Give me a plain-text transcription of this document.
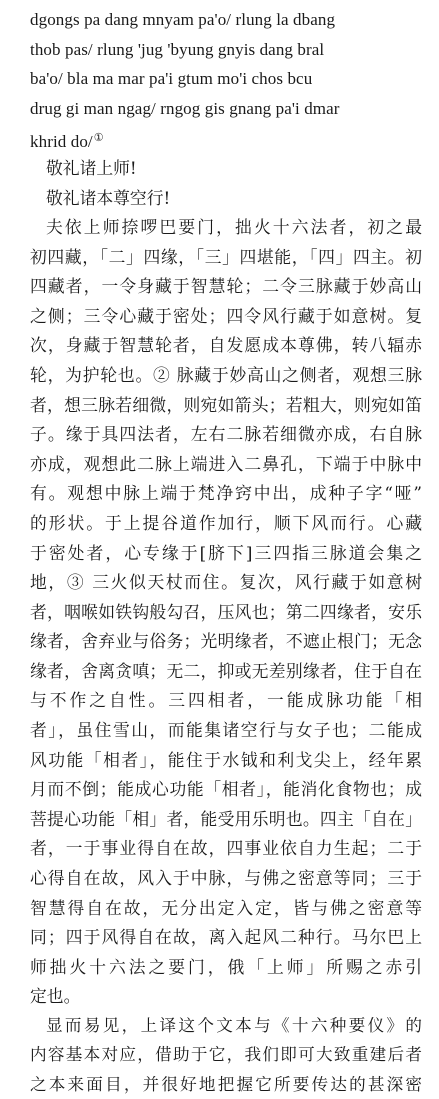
dgongs pa dang mnyam pa'o/ rlung la dbang
thob pas/ rlung 'jug 'byung gnyis dang bral
ba'o/ bla ma mar pa'i gtum mo'i chos bcu
drug gi man ngag/ rngog gis gnang pa'i dmar
khrid do/①
敬礼诸上师!
敬礼诸本尊空行!
夫依上师捺啰巴要门，拙火十六法者，初之最
初四藏，「二」四缘，「三」四堪能，「四」四主。初
四藏者，一令身藏于智慧轮；二令三脉藏于妙高山
之侧；三令心藏于密处；四令风行藏于如意树。复
次，身藏于智慧轮者，自发愿成本尊佛，转八辐赤
轮，为护轮也。② 脉藏于妙高山之侧者，观想三脉
者，想三脉若细微，则宛如箭头；若粗大，则宛如笛
子。缘于具四法者，左右二脉若细微亦成，右自脉
亦成，观想此二脉上端进入二鼻孔，下端于中脉中
有。观想中脉上端于梵净窍中出，成种子字“哑”
的形状。于上提谷道作加行，顺下风而行。心藏
于密处者，心专缘于[脐下]三四指三脉道会集之
地，③ 三火似天杖而住。复次，风行藏于如意树
者，咽喉如铁钩般勾召，压风也；第二四缘者，安乐
缘者，舍弃业与俗务；光明缘者，不遮止根门；无念
缘者，舍离贪嗔；无二，抑或无差别缘者，住于自在
与不作之自性。三四相者，一能成脉功能「相
者」，虽住雪山，而能集诸空行与女子也；二能成
风功能「相者」，能住于水钺和利戈尖上，经年累
月而不倒；能成心功能「相者」，能消化食物也；成
菩提心功能「相」者，能受用乐明也。四主「自在」
者，一于事业得自在故，四事业依自力生起；二于
心得自在故，风入于中脉，与佛之密意等同；三于
智慧得自在故，无分出定入定，皆与佛之密意等
同；四于风得自在故，离入起风二种行。马尔巴上
师拙火十六法之要门，俄「上师」所赐之赤引
定也。
显而易见，上译这个文本与《十六种要仪》的
内容基本对应，借助于它，我们即可大致重建后者
之本来面目，并很好地把握它所要传达的甚深密
